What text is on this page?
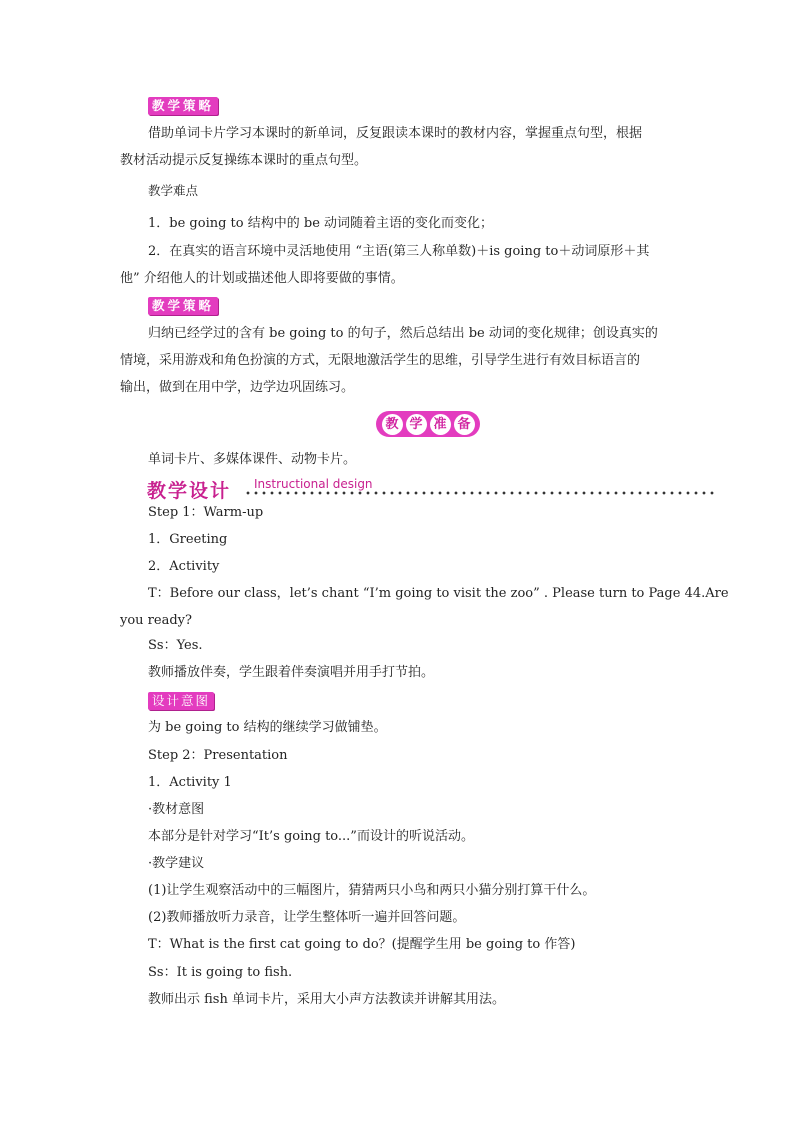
教学策略
借助单词卡片学习本课时的新单词，反复跟读本课时的教材内容，掌握重点句型，根据
教材活动提示反复操练本课时的重点句型。
教学难点
1．be going to 结构中的 be 动词随着主语的变化而变化；
2．在真实的语言环境中灵活地使用 “主语(第三人称单数)＋is going to＋动词原形＋其
他” 介绍他人的计划或描述他人即将要做的事情。
教学策略
归纳已经学过的含有 be going to 的句子，然后总结出 be 动词的变化规律；创设真实的
情境，采用游戏和角色扮演的方式，无限地激活学生的思维，引导学生进行有效目标语言的
输出，做到在用中学，边学边巩固练习。
教 学 准 备
单词卡片、多媒体课件、动物卡片。
教学设计 Instructional design
Step 1：Warm-up
1．Greeting
2．Activity
T：Before our class，let’s chant “I’m going to visit the zoo” . Please turn to Page 44.Are
you ready?
Ss：Yes.
教师播放伴奏，学生跟着伴奏演唱并用手打节拍。
设计意图
为 be going to 结构的继续学习做铺垫。
Step 2：Presentation
1．Activity 1
·教材意图
本部分是针对学习“It’s going to...”而设计的听说活动。
·教学建议
(1)让学生观察活动中的三幅图片，猜猜两只小鸟和两只小猫分别打算干什么。
(2)教师播放听力录音，让学生整体听一遍并回答问题。
T：What is the first cat going to do？(提醒学生用 be going to 作答)
Ss：It is going to fish.
教师出示 fish 单词卡片，采用大小声方法教读并讲解其用法。
